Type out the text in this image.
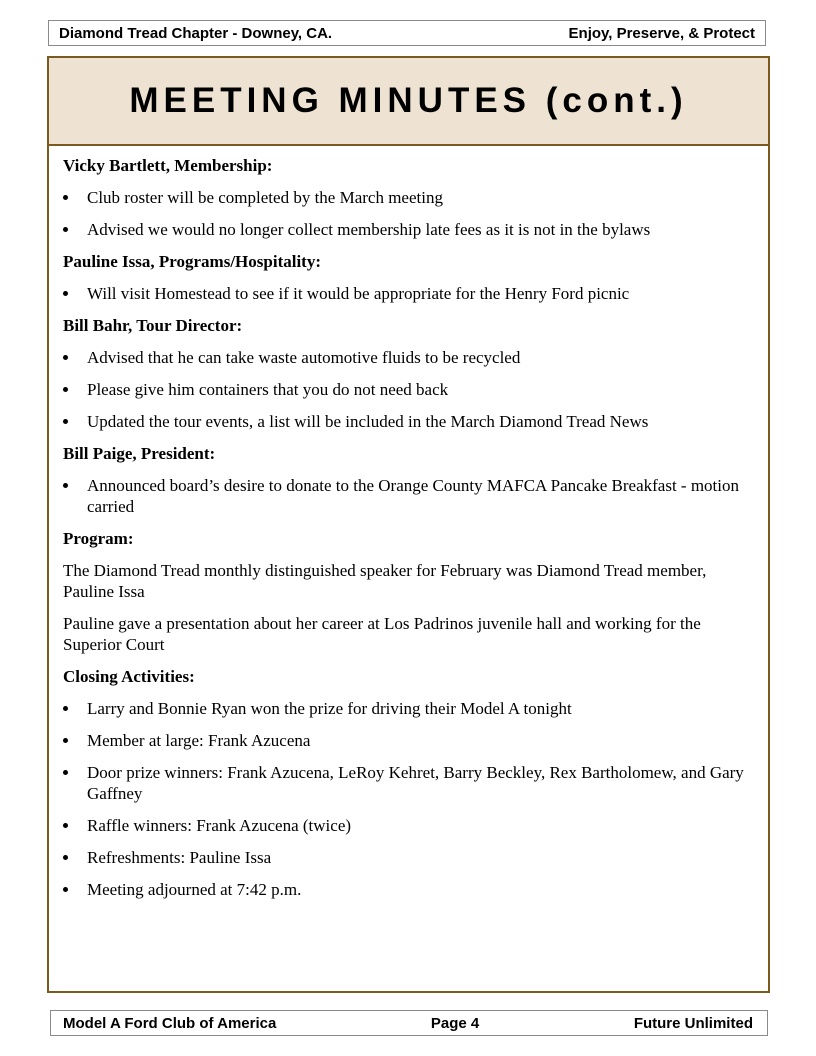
Diamond Tread Chapter - Downey, CA.	Enjoy, Preserve, & Protect
MEETING MINUTES (cont.)
Vicky Bartlett, Membership:
Club roster will be completed by the March meeting
Advised we would no longer collect membership late fees as it is not in the bylaws
Pauline Issa, Programs/Hospitality:
Will visit Homestead to see if it would be appropriate for the Henry Ford picnic
Bill Bahr, Tour Director:
Advised that he can take waste automotive fluids to be recycled
Please give him containers that you do not need back
Updated the tour events, a list will be included in the March Diamond Tread News
Bill Paige, President:
Announced board’s desire to donate to the Orange County MAFCA Pancake Breakfast - motion carried
Program:
The Diamond Tread monthly distinguished speaker for February was Diamond Tread member, Pauline Issa
Pauline gave a presentation about her career at Los Padrinos juvenile hall and working for the Superior Court
Closing Activities:
Larry and Bonnie Ryan won the prize for driving their Model A tonight
Member at large: Frank Azucena
Door prize winners: Frank Azucena, LeRoy Kehret, Barry Beckley, Rex Bartholomew, and Gary Gaffney
Raffle winners: Frank Azucena (twice)
Refreshments: Pauline Issa
Meeting adjourned at 7:42 p.m.
Model A Ford Club of America	Page 4	Future Unlimited
